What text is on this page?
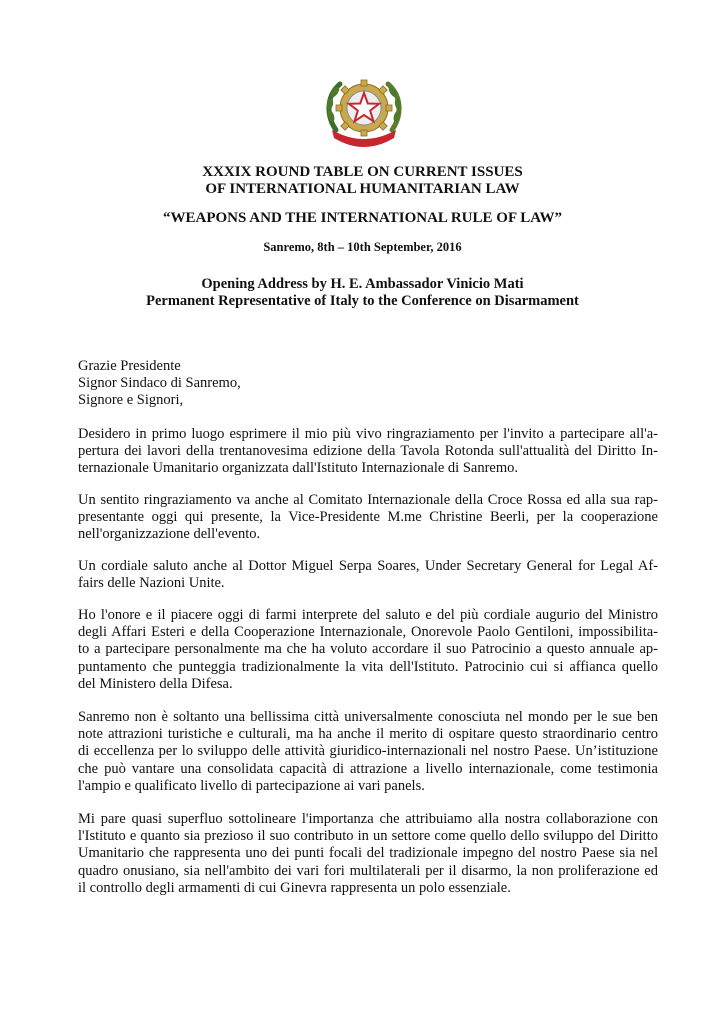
XXXIX ROUND TABLE ON CURRENT ISSUES
OF INTERNATIONAL HUMANITARIAN LAW
“WEAPONS AND THE INTERNATIONAL RULE OF LAW”
Sanremo, 8th – 10th September, 2016
Opening Address by H. E. Ambassador Vinicio Mati
Permanent Representative of Italy to the Conference on Disarmament
Grazie Presidente
Signor Sindaco di Sanremo,
Signore e Signori,
Desidero in primo luogo esprimere il mio più vivo ringraziamento per l'invito a partecipare all'a-
pertura dei lavori della trentanovesima edizione della Tavola Rotonda sull'attualità del Diritto In-
ternazionale Umanitario organizzata dall'Istituto Internazionale di Sanremo.
Un sentito ringraziamento va anche al Comitato Internazionale della Croce Rossa ed alla sua rap-
presentante oggi qui presente, la Vice-Presidente M.me Christine Beerli, per la cooperazione
nell'organizzazione dell'evento.
Un cordiale saluto anche al Dottor Miguel Serpa Soares, Under Secretary General for Legal Af-
fairs delle Nazioni Unite.
Ho l'onore e il piacere oggi di farmi interprete del saluto e del più cordiale augurio del Ministro
degli Affari Esteri e della Cooperazione Internazionale, Onorevole Paolo Gentiloni, impossibilita-
to a partecipare personalmente ma che ha voluto accordare il suo Patrocinio a questo annuale ap-
puntamento che punteggia tradizionalmente la vita dell'Istituto. Patrocinio cui si affianca quello
del Ministero della Difesa.
Sanremo non è soltanto una bellissima città universalmente conosciuta nel mondo per le sue ben
note attrazioni turistiche e culturali, ma ha anche il merito di ospitare questo straordinario centro
di eccellenza per lo sviluppo delle attività giuridico-internazionali nel nostro Paese. Un’istituzione
che può vantare una consolidata capacità di attrazione a livello internazionale, come testimonia
l'ampio e qualificato livello di partecipazione ai vari panels.
Mi pare quasi superfluo sottolineare l'importanza che attribuiamo alla nostra collaborazione con
l'Istituto e quanto sia prezioso il suo contributo in un settore come quello dello sviluppo del Diritto
Umanitario che rappresenta uno dei punti focali del tradizionale impegno del nostro Paese sia nel
quadro onusiano, sia nell'ambito dei vari fori multilaterali per il disarmo, la non proliferazione ed
il controllo degli armamenti di cui Ginevra rappresenta un polo essenziale.
